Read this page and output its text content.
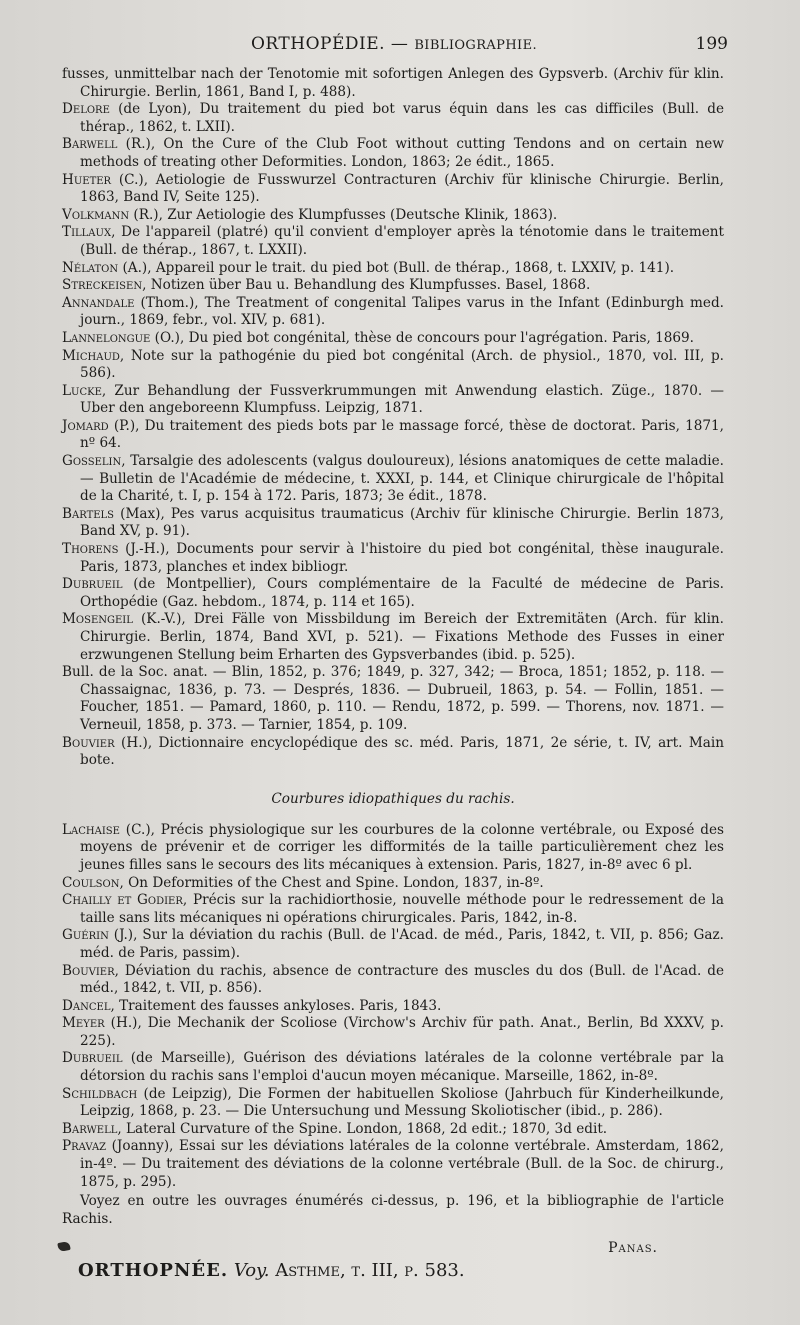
ORTHOPÉDIE. — BIBLIOGRAPHIE.	199

fusses, unmittelbar nach der Tenotomie mit sofortigen Anlegen des Gypsverb. (Archiv für klin. Chirurgie. Berlin, 1861, Band I, p. 488).

Delore (de Lyon), Du traitement du pied bot varus équin dans les cas difficiles (Bull. de thérap., 1862, t. LXII).

Barwell (R.), On the Cure of the Club Foot without cutting Tendons and on certain new methods of treating other Deformities. London, 1863; 2e édit., 1865.

Hueter (C.), Aetiologie de Fusswurzel Contracturen (Archiv für klinische Chirurgie. Berlin, 1863, Band IV, Seite 125).

Volkmann (R.), Zur Aetiologie des Klumpfusses (Deutsche Klinik, 1863).

Tillaux, De l'appareil (platré) qu'il convient d'employer après la ténotomie dans le traitement (Bull. de thérap., 1867, t. LXXII).

Nélaton (A.), Appareil pour le trait. du pied bot (Bull. de thérap., 1868, t. LXXIV, p. 141).

Streckeisen, Notizen über Bau u. Behandlung des Klumpfusses. Basel, 1868.

Annandale (Thom.), The Treatment of congenital Talipes varus in the Infant (Edinburgh med. journ., 1869, febr., vol. XIV, p. 681).

Lannelongue (O.), Du pied bot congénital, thèse de concours pour l'agrégation. Paris, 1869.

Michaud, Note sur la pathogénie du pied bot congénital (Arch. de physiol., 1870, vol. III, p. 586).

Lucke, Zur Behandlung der Fussverkrummungen mit Anwendung elastich. Züge., 1870. — Uber den angeboreenn Klumpfuss. Leipzig, 1871.

Jomard (P.), Du traitement des pieds bots par le massage forcé, thèse de doctorat. Paris, 1871, nº 64.

Gosselin, Tarsalgie des adolescents (valgus douloureux), lésions anatomiques de cette maladie. — Bulletin de l'Académie de médecine, t. XXXI, p. 144, et Clinique chirurgicale de l'hôpital de la Charité, t. I, p. 154 à 172. Paris, 1873; 3e édit., 1878.

Bartels (Max), Pes varus acquisitus traumaticus (Archiv für klinische Chirurgie. Berlin 1873, Band XV, p. 91).

Thorens (J.-H.), Documents pour servir à l'histoire du pied bot congénital, thèse inaugurale. Paris, 1873, planches et index bibliogr.

Dubrueil (de Montpellier), Cours complémentaire de la Faculté de médecine de Paris. Orthopédie (Gaz. hebdom., 1874, p. 114 et 165).

Mosengeil (K.-V.), Drei Fälle von Missbildung im Bereich der Extremitäten (Arch. für klin. Chirurgie. Berlin, 1874, Band XVI, p. 521). — Fixations Methode des Fusses in einer erzwungenen Stellung beim Erharten des Gypsverbandes (ibid. p. 525).

Bull. de la Soc. anat. — Blin, 1852, p. 376; 1849, p. 327, 342; — Broca, 1851; 1852, p. 118. — Chassaignac, 1836, p. 73. — Després, 1836. — Dubrueil, 1863, p. 54. — Follin, 1851. — Foucher, 1851. — Pamard, 1860, p. 110. — Rendu, 1872, p. 599. — Thorens, nov. 1871. — Verneuil, 1858, p. 373. — Tarnier, 1854, p. 109.

Bouvier (H.), Dictionnaire encyclopédique des sc. méd. Paris, 1871, 2e série, t. IV, art. Main bote.

Courbures idiopathiques du rachis.

Lachaise (C.), Précis physiologique sur les courbures de la colonne vertébrale, ou Exposé des moyens de prévenir et de corriger les difformités de la taille particulièrement chez les jeunes filles sans le secours des lits mécaniques à extension. Paris, 1827, in-8º avec 6 pl.

Coulson, On Deformities of the Chest and Spine. London, 1837, in-8º.

Chailly et Godier, Précis sur la rachidiorthosie, nouvelle méthode pour le redressement de la taille sans lits mécaniques ni opérations chirurgicales. Paris, 1842, in-8.

Guérin (J.), Sur la déviation du rachis (Bull. de l'Acad. de méd., Paris, 1842, t. VII, p. 856; Gaz. méd. de Paris, passim).

Bouvier, Déviation du rachis, absence de contracture des muscles du dos (Bull. de l'Acad. de méd., 1842, t. VII, p. 856).

Dancel, Traitement des fausses ankyloses. Paris, 1843.

Meyer (H.), Die Mechanik der Scoliose (Virchow's Archiv für path. Anat., Berlin, Bd XXXV, p. 225).

Dubrueil (de Marseille), Guérison des déviations latérales de la colonne vertébrale par la détorsion du rachis sans l'emploi d'aucun moyen mécanique. Marseille, 1862, in-8º.

Schildbach (de Leipzig), Die Formen der habituellen Skoliose (Jahrbuch für Kinderheilkunde, Leipzig, 1868, p. 23. — Die Untersuchung und Messung Skoliotischer (ibid., p. 286).

Barwell, Lateral Curvature of the Spine. London, 1868, 2d edit.; 1870, 3d edit.

Pravaz (Joanny), Essai sur les déviations latérales de la colonne vertébrale. Amsterdam, 1862, in-4º. — Du traitement des déviations de la colonne vertébrale (Bull. de la Soc. de chirurg., 1875, p. 295).

Voyez en outre les ouvrages énumérés ci-dessus, p. 196, et la bibliographie de l'article Rachis.

Panas.
ORTHOPNÉE. Voy. Asthme, t. III, p. 583.
